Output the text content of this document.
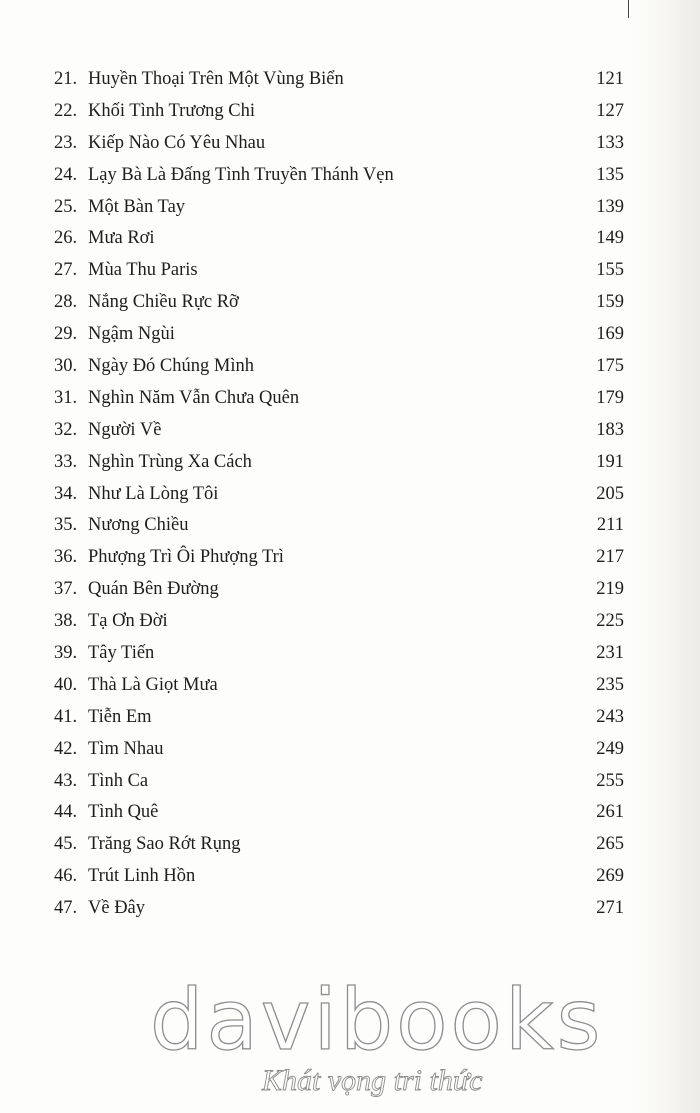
21. Huyền Thoại Trên Một Vùng Biển	121
22. Khối Tình Trương Chi	127
23. Kiếp Nào Có Yêu Nhau	133
24. Lạy Bà Là Đấng Tình Truyền Thánh Vẹn	135
25. Một Bàn Tay	139
26. Mưa Rơi	149
27. Mùa Thu Paris	155
28. Nắng Chiều Rực Rỡ	159
29. Ngậm Ngùi	169
30. Ngày Đó Chúng Mình	175
31. Nghìn Năm Vẫn Chưa Quên	179
32. Người Về	183
33. Nghìn Trùng Xa Cách	191
34. Như Là Lòng Tôi	205
35. Nương Chiều	211
36. Phượng Trì Ôi Phượng Trì	217
37. Quán Bên Đường	219
38. Tạ Ơn Đời	225
39. Tây Tiến	231
40. Thà Là Giọt Mưa	235
41. Tiễn Em	243
42. Tìm Nhau	249
43. Tình Ca	255
44. Tình Quê	261
45. Trăng Sao Rớt Rụng	265
46. Trút Linh Hồn	269
47. Về Đây	271
davibooks
Khát vọng tri thức
